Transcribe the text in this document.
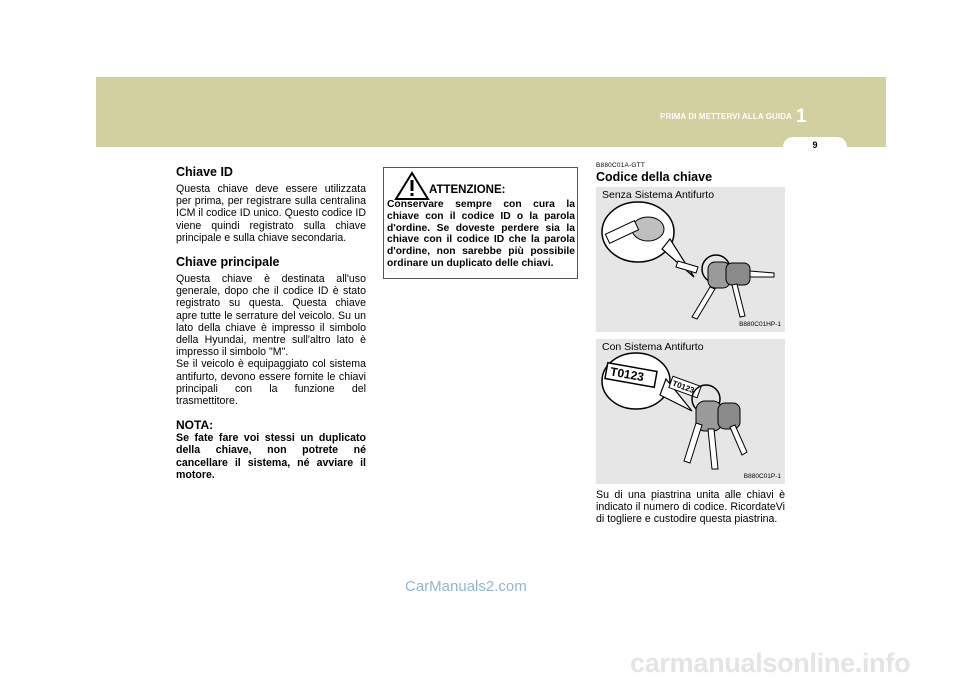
PRIMA DI METTERVI ALLA GUIDA 1
9
Chiave ID
Questa chiave deve essere utilizzata per prima, per registrare sulla centralina ICM il codice ID unico. Questo codice ID viene quindi registrato sulla chiave principale e sulla chiave secondaria.
Chiave principale
Questa chiave è destinata all'uso generale, dopo che il codice ID è stato registrato su questa. Questa chiave apre tutte le serrature del veicolo. Su un lato della chiave è impresso il simbolo della Hyundai, mentre sull'altro lato è impresso il simbolo "M".
Se il veicolo è equipaggiato col sistema antifurto, devono essere fornite le chiavi principali con la funzione del trasmettitore.
NOTA:
Se fate fare voi stessi un duplicato della chiave, non potrete né cancellare il sistema, né avviare il motore.
ATTENZIONE:
Conservare sempre con cura la chiave con il codice ID o la parola d'ordine. Se doveste perdere sia la chiave con il codice ID che la parola d'ordine, non sarebbe più possibile ordinare un duplicato delle chiavi.
B880C01A-GTT
Codice della chiave
Senza Sistema Antifurto
B880C01HP-1
T0123
T0123
Con Sistema Antifurto
B880C01P-1
Su di una piastrina unita alle chiavi è indicato il numero di codice. RicordateVi di togliere e custodire questa piastrina.
CarManuals2.com
carmanualsonline.info
